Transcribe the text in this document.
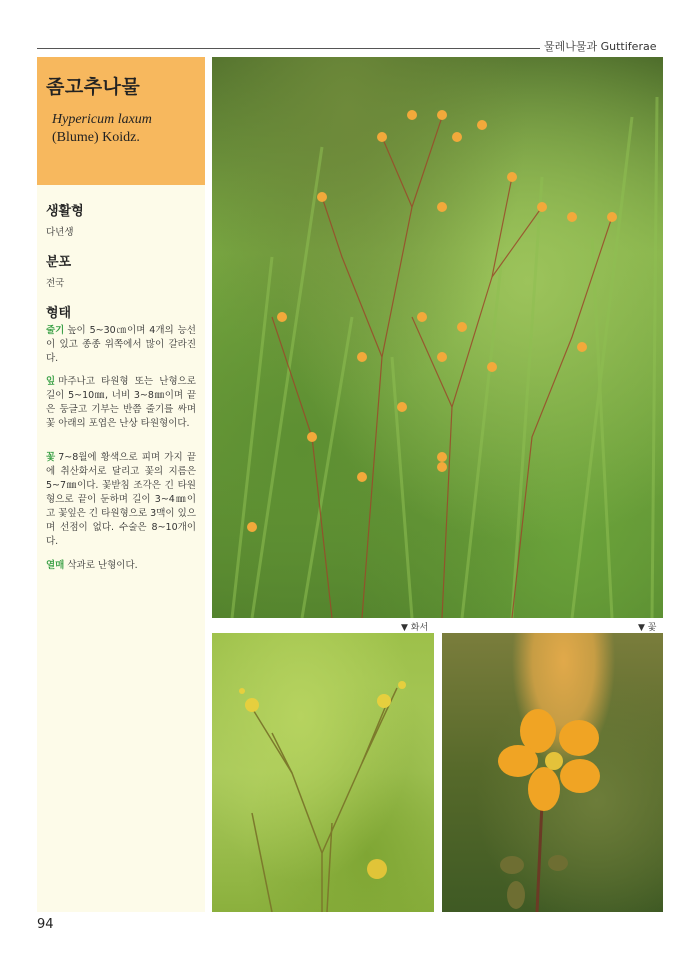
물레나물과 Guttiferae
좀고추나물
Hypericum laxum (Blume) Koidz.
생활형
다년생
분포
전국
형태
줄기 높이 5~30㎝이며 4개의 능선이 있고 종종 위쪽에서 많이 갈라진다.
잎 마주나고 타원형 또는 난형으로 길이 5~10㎜, 너비 3~8㎜이며 끝은 둥글고 기부는 반쯤 줄기를 싸며 꽃 아래의 포엽은 난상 타원형이다.
꽃 7~8월에 황색으로 피며 가지 끝에 취산화서로 달리고 꽃의 지름은 5~7㎜이다. 꽃받침 조각은 긴 타원형으로 끝이 둔하며 길이 3~4㎜이고 꽃잎은 긴 타원형으로 3맥이 있으며 선점이 없다. 수술은 8~10개이다.
열매 삭과로 난형이다.
▼ 화서	▼ 꽃
94
